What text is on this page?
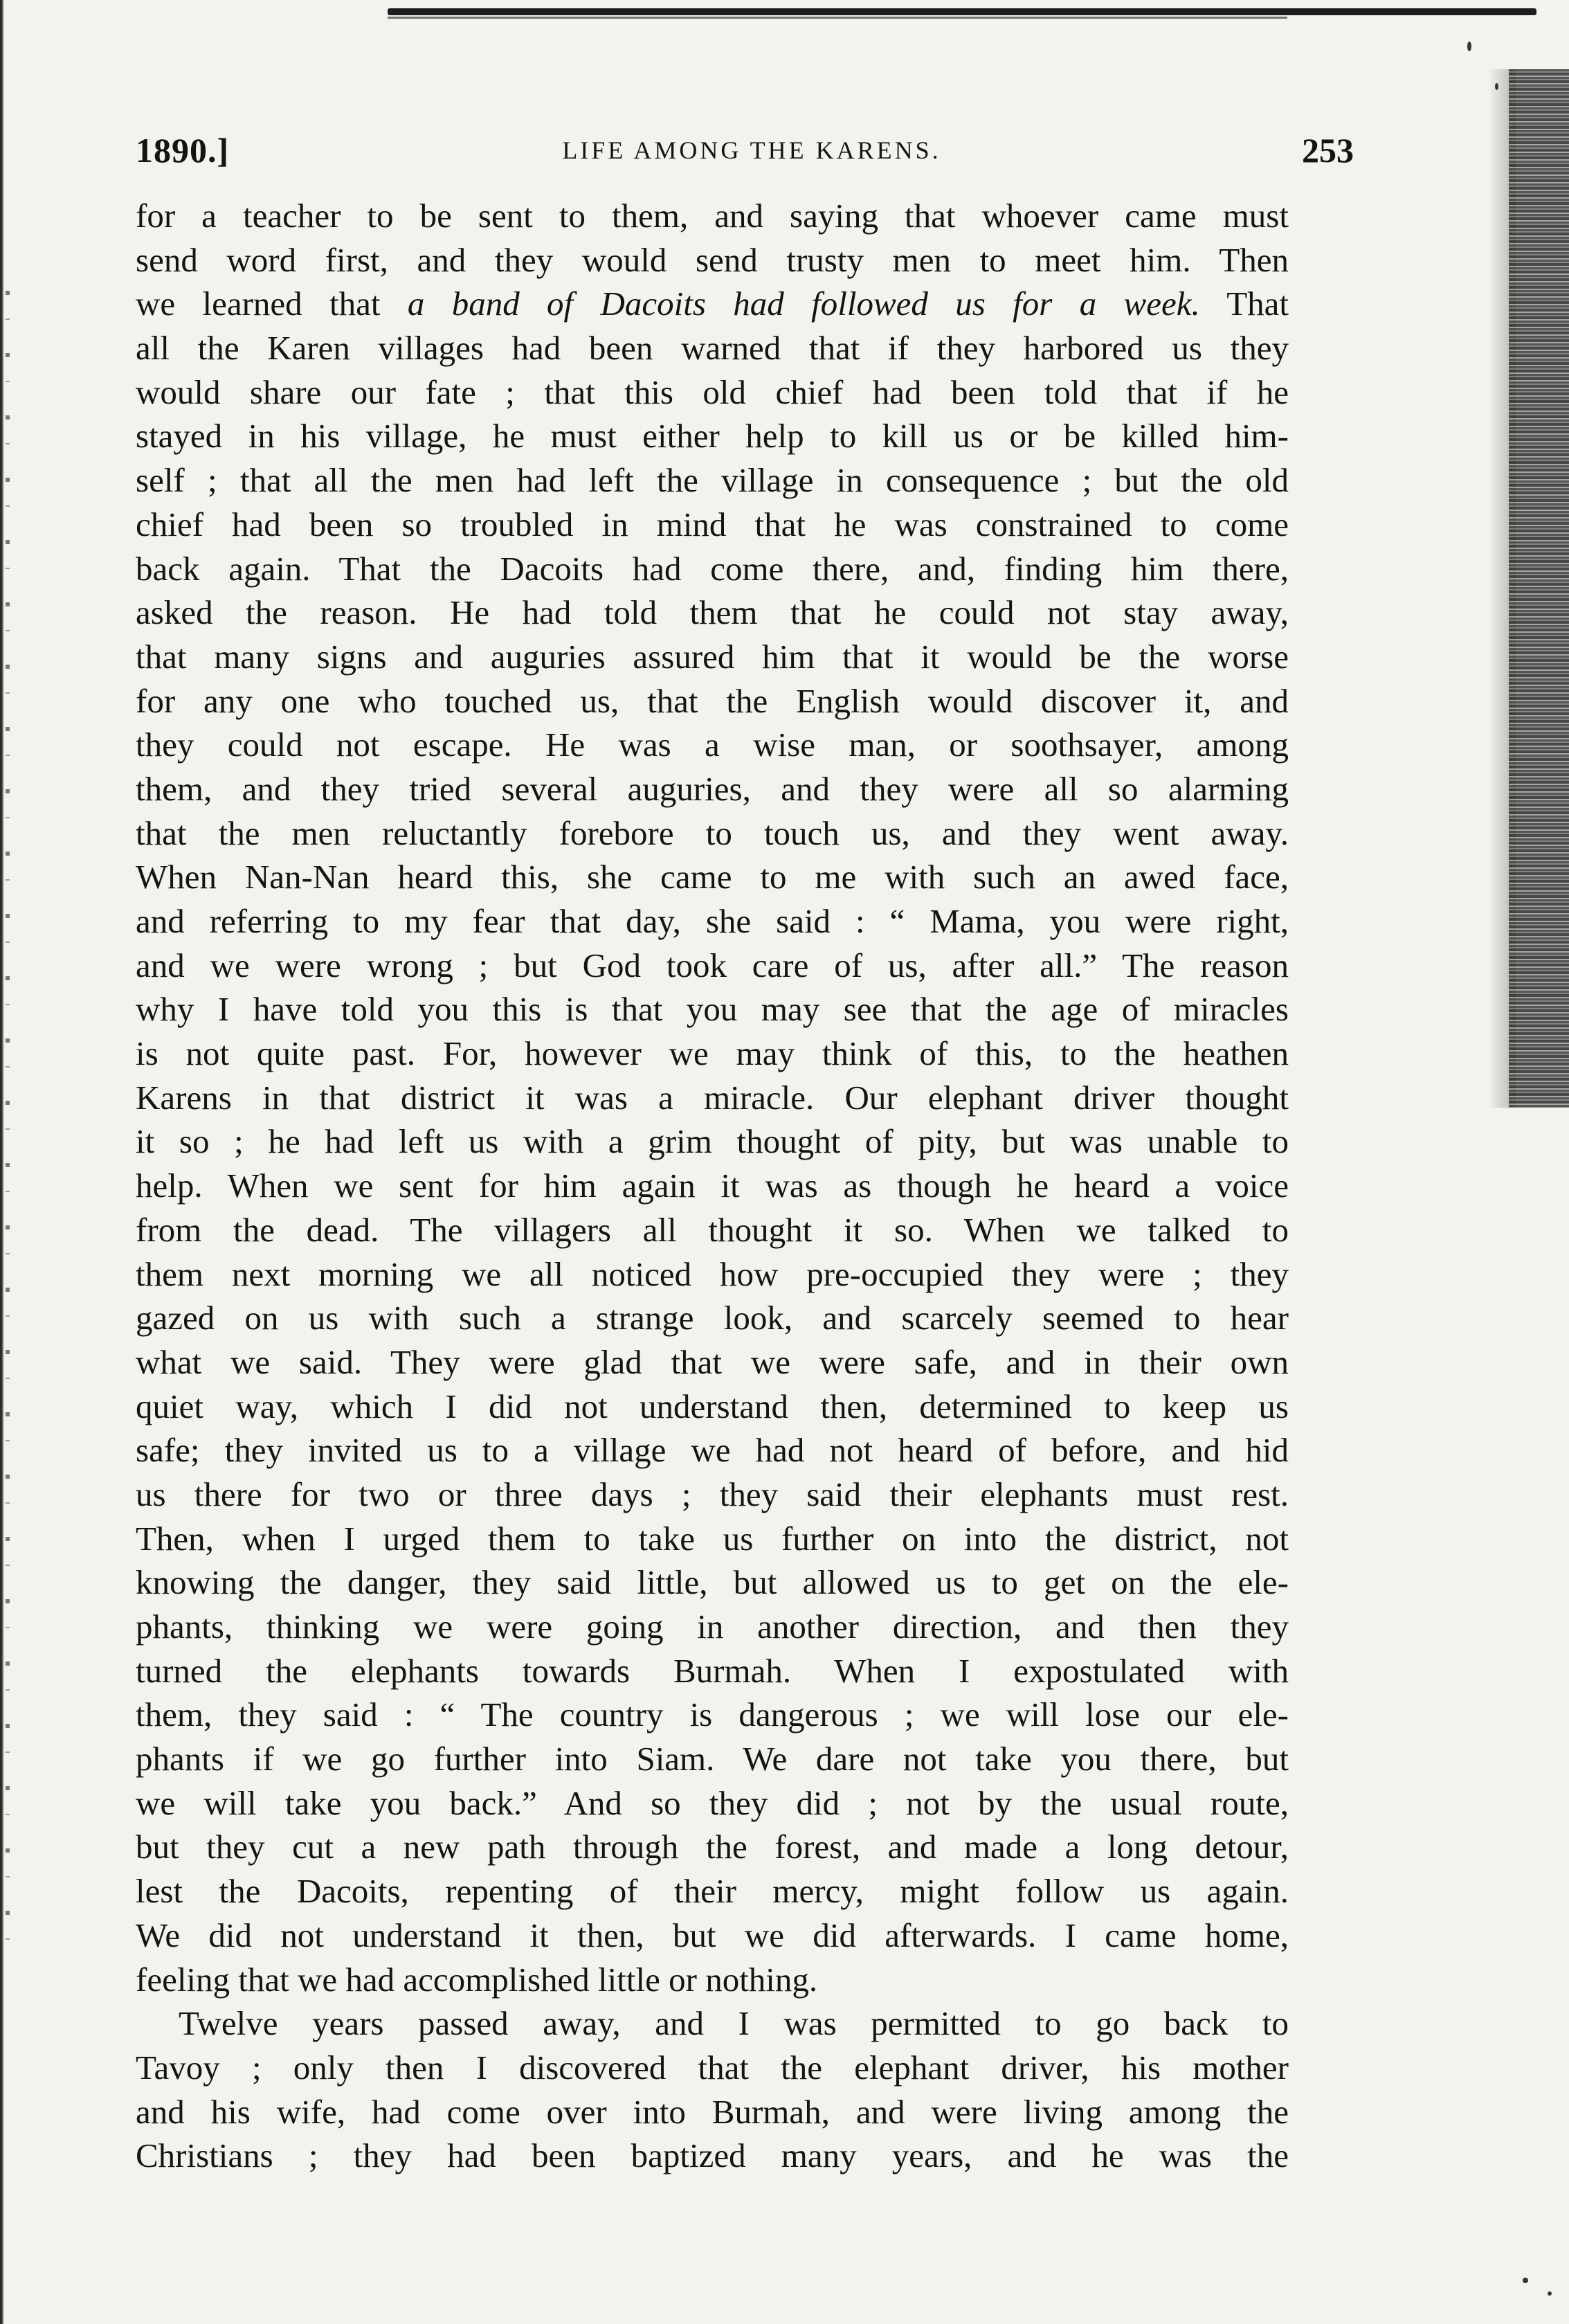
1890.]	LIFE AMONG THE KARENS.	253
for a teacher to be sent to them, and saying that whoever came must
send word first, and they would send trusty men to meet him. Then
we learned that a band of Dacoits had followed us for a week. That
all the Karen villages had been warned that if they harbored us they
would share our fate ; that this old chief had been told that if he
stayed in his village, he must either help to kill us or be killed him-
self ; that all the men had left the village in consequence ; but the old
chief had been so troubled in mind that he was constrained to come
back again. That the Dacoits had come there, and, finding him there,
asked the reason. He had told them that he could not stay away,
that many signs and auguries assured him that it would be the worse
for any one who touched us, that the English would discover it, and
they could not escape. He was a wise man, or soothsayer, among
them, and they tried several auguries, and they were all so alarming
that the men reluctantly forebore to touch us, and they went away.
When Nan-Nan heard this, she came to me with such an awed face,
and referring to my fear that day, she said : “ Mama, you were right,
and we were wrong ; but God took care of us, after all.” The reason
why I have told you this is that you may see that the age of miracles
is not quite past. For, however we may think of this, to the heathen
Karens in that district it was a miracle. Our elephant driver thought
it so ; he had left us with a grim thought of pity, but was unable to
help. When we sent for him again it was as though he heard a voice
from the dead. The villagers all thought it so. When we talked to
them next morning we all noticed how pre-occupied they were ; they
gazed on us with such a strange look, and scarcely seemed to hear
what we said. They were glad that we were safe, and in their own
quiet way, which I did not understand then, determined to keep us
safe; they invited us to a village we had not heard of before, and hid
us there for two or three days ; they said their elephants must rest.
Then, when I urged them to take us further on into the district, not
knowing the danger, they said little, but allowed us to get on the ele-
phants, thinking we were going in another direction, and then they
turned the elephants towards Burmah. When I expostulated with
them, they said : “ The country is dangerous ; we will lose our ele-
phants if we go further into Siam. We dare not take you there, but
we will take you back.” And so they did ; not by the usual route,
but they cut a new path through the forest, and made a long detour,
lest the Dacoits, repenting of their mercy, might follow us again.
We did not understand it then, but we did afterwards. I came home,
feeling that we had accomplished little or nothing.
Twelve years passed away, and I was permitted to go back to
Tavoy ; only then I discovered that the elephant driver, his mother
and his wife, had come over into Burmah, and were living among the
Christians ; they had been baptized many years, and he was the
